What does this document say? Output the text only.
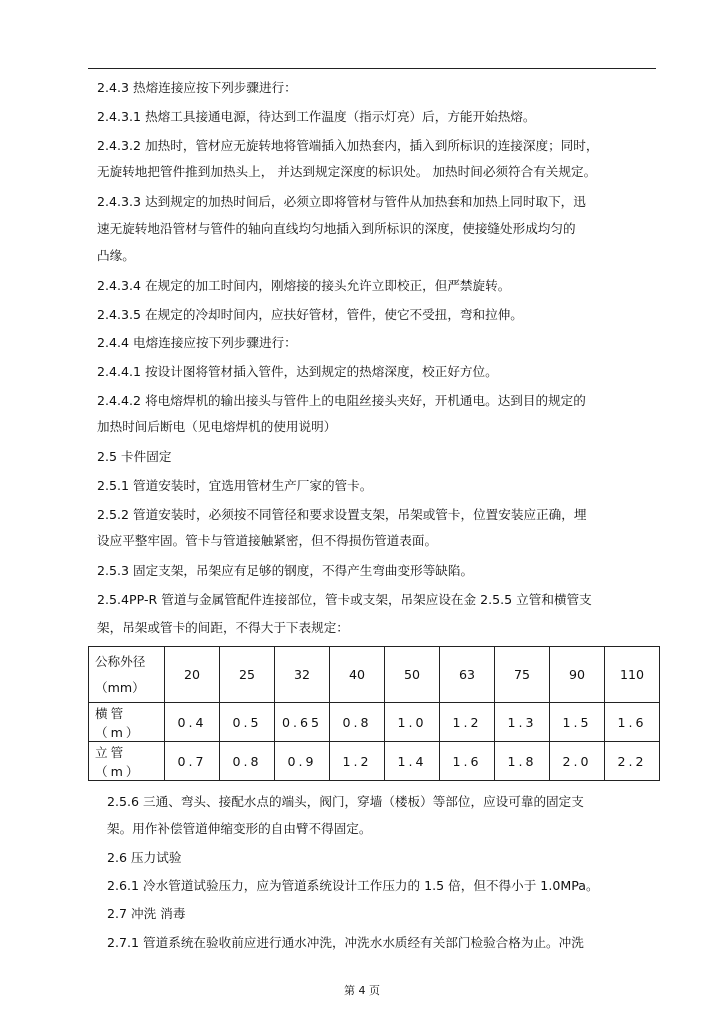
2.4.3 热熔连接应按下列步骤进行：
2.4.3.1 热熔工具接通电源，待达到工作温度（指示灯亮）后，方能开始热熔。
2.4.3.2 加热时，管材应无旋转地将管端插入加热套内，插入到所标识的连接深度；同时，
无旋转地把管件推到加热头上， 并达到规定深度的标识处。 加热时间必须符合有关规定。
2.4.3.3 达到规定的加热时间后，必须立即将管材与管件从加热套和加热上同时取下，迅
速无旋转地沿管材与管件的轴向直线均匀地插入到所标识的深度，使接缝处形成均匀的
凸缘。
2.4.3.4 在规定的加工时间内，刚熔接的接头允许立即校正，但严禁旋转。
2.4.3.5 在规定的冷却时间内，应扶好管材，管件，使它不受扭，弯和拉伸。
2.4.4 电熔连接应按下列步骤进行：
2.4.4.1 按设计图将管材插入管件，达到规定的热熔深度，校正好方位。
2.4.4.2 将电熔焊机的输出接头与管件上的电阻丝接头夹好，开机通电。达到目的规定的
加热时间后断电（见电熔焊机的使用说明）
2.5 卡件固定
2.5.1 管道安装时，宜选用管材生产厂家的管卡。
2.5.2 管道安装时，必须按不同管径和要求设置支架，吊架或管卡，位置安装应正确，埋
设应平整牢固。管卡与管道接触紧密，但不得损伤管道表面。
2.5.3 固定支架，吊架应有足够的钢度，不得产生弯曲变形等缺陷。
2.5.4PP-R 管道与金属管配件连接部位，管卡或支架，吊架应设在金 2.5.5 立管和横管支
架，吊架或管卡的间距，不得大于下表规定：
公称外径
（mm）	20	25	32	40	50	63	75	90	110
横管（m）	0.4	0.5	0.65	0.8	1.0	1.2	1.3	1.5	1.6
立管（m）	0.7	0.8	0.9	1.2	1.4	1.6	1.8	2.0	2.2
2.5.6 三通、弯头、接配水点的端头，阀门，穿墙（楼板）等部位，应设可靠的固定支
架。用作补偿管道伸缩变形的自由臂不得固定。
2.6 压力试验
2.6.1 冷水管道试验压力，应为管道系统设计工作压力的 1.5 倍，但不得小于 1.0MPa。
2.7 冲洗 消毒
2.7.1 管道系统在验收前应进行通水冲洗，冲洗水水质经有关部门检验合格为止。冲洗
第 4 页
